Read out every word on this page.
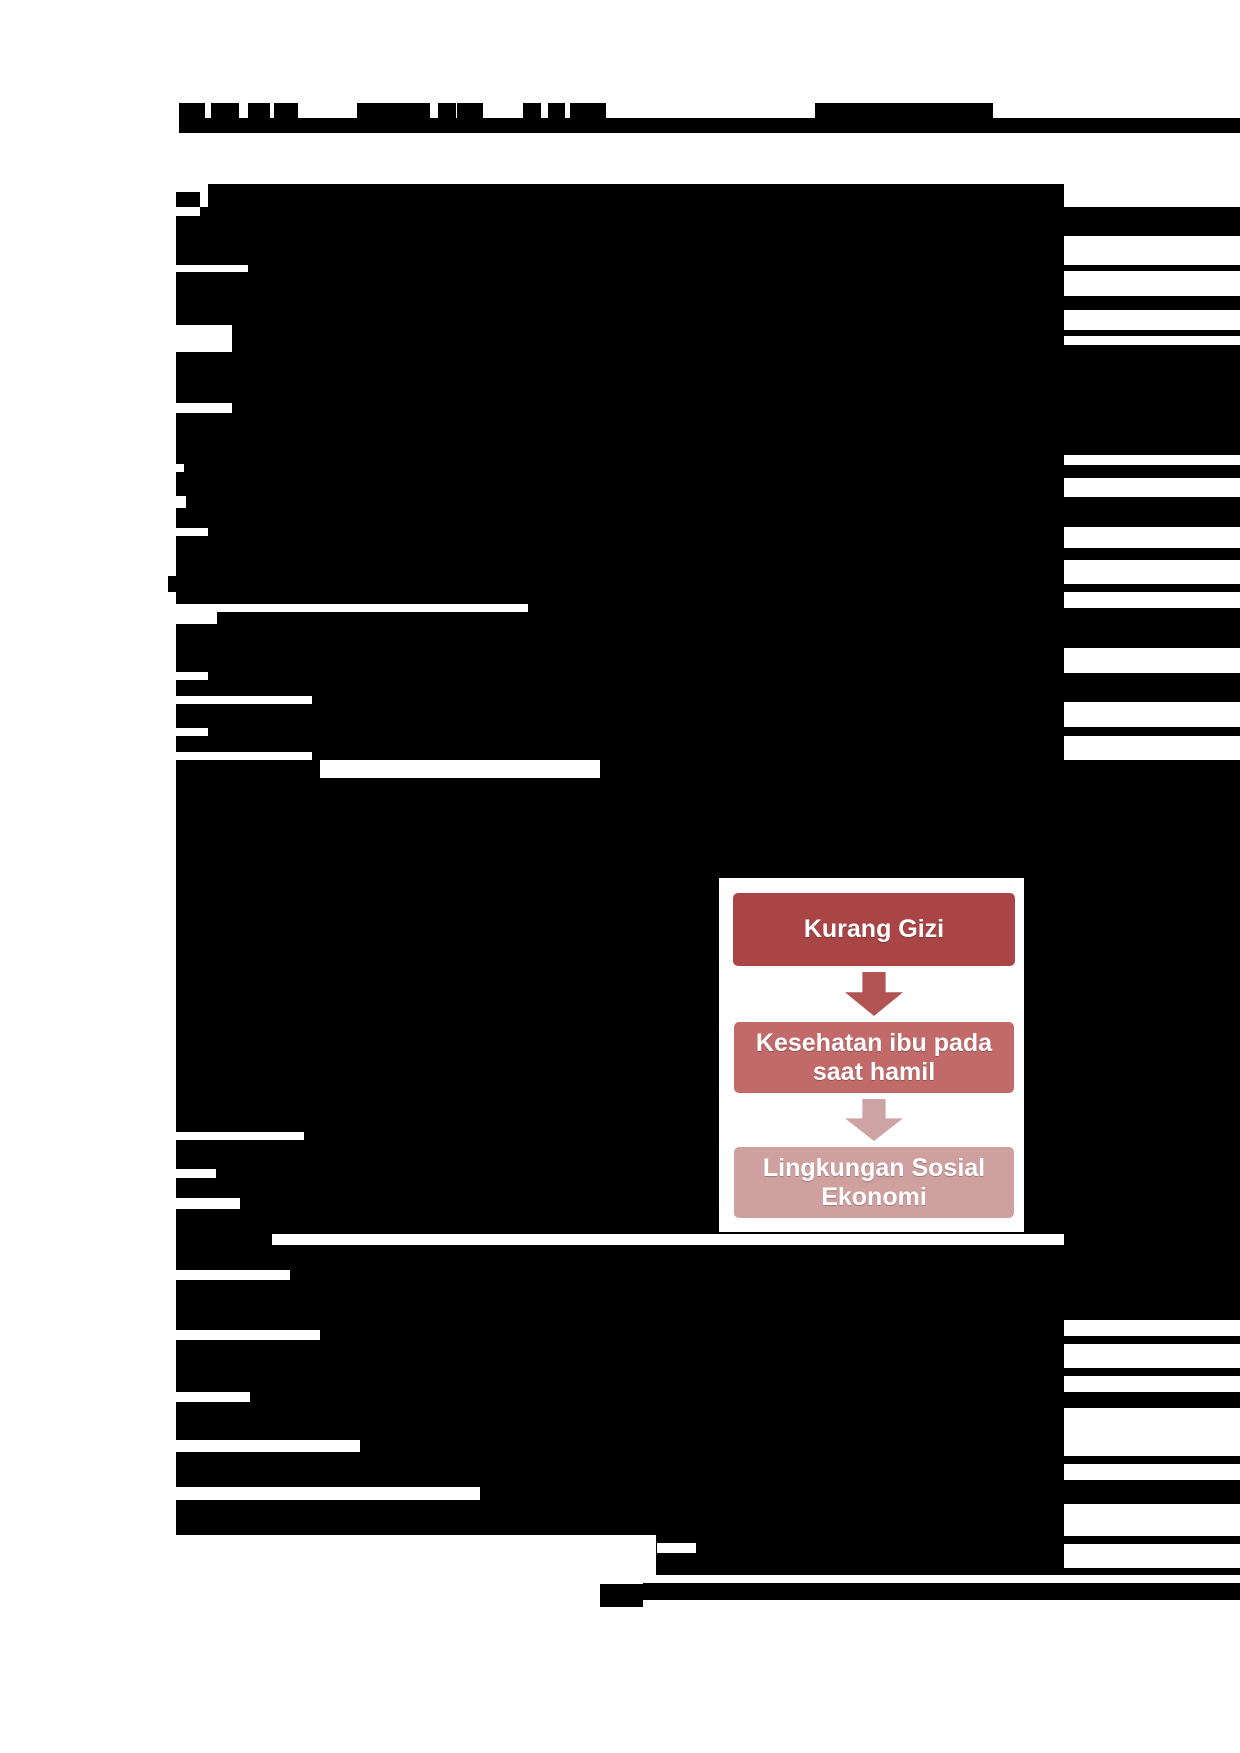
Kurang Gizi
Kesehatan ibu pada saat hamil
Lingkungan Sosial Ekonomi
